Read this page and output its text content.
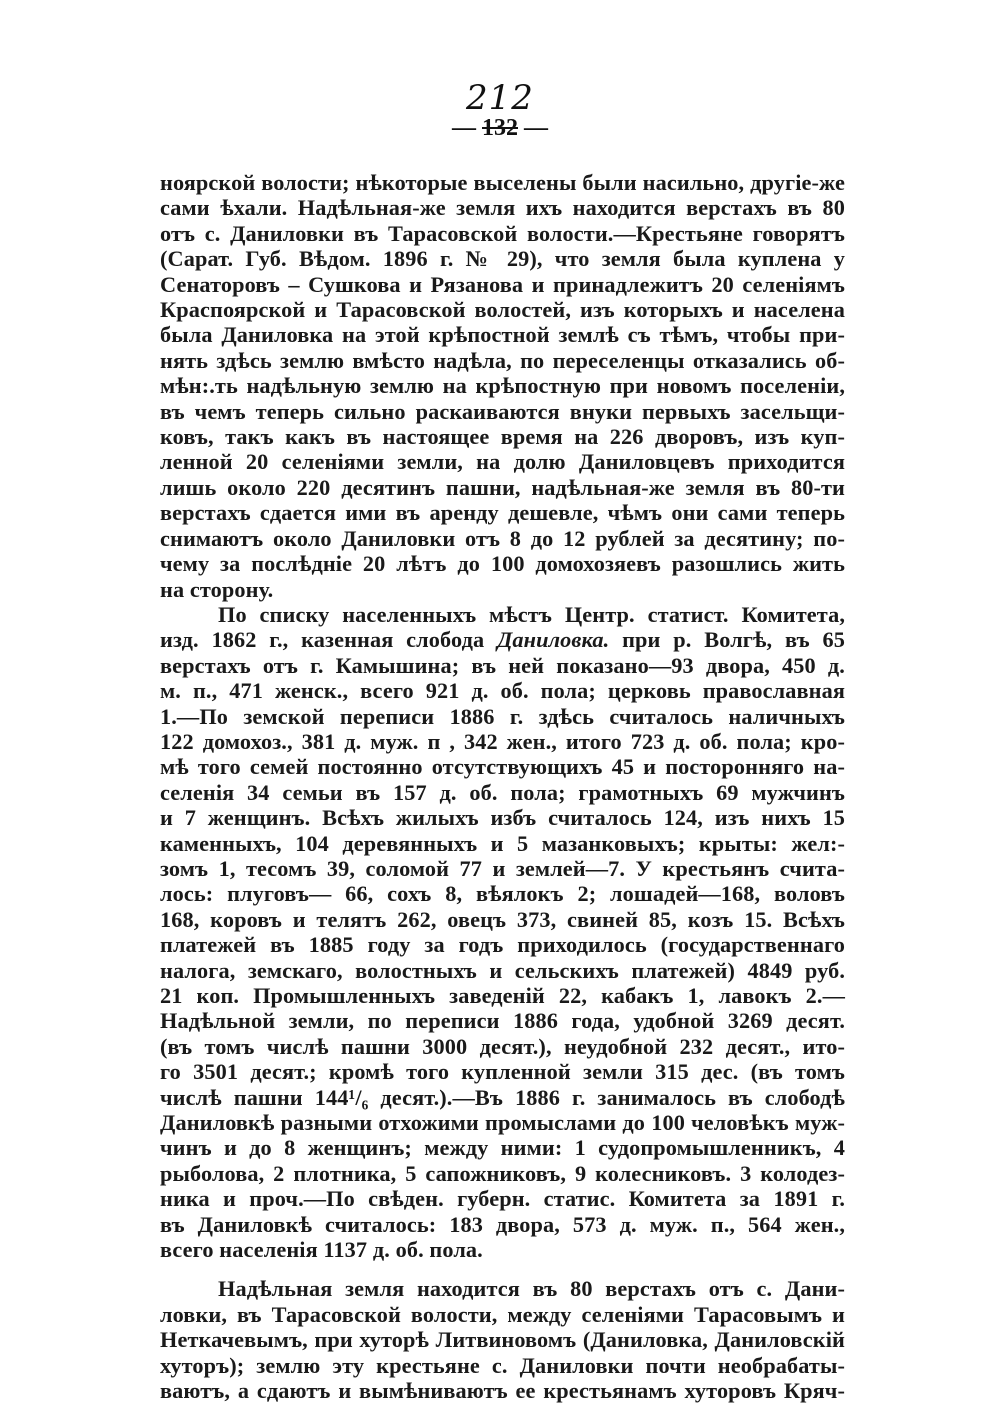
212
— 132 —
ноярской волости; нѣкоторые выселены были насильно, другіе-же
сами ѣхали. Надѣльная-же земля ихъ находится верстахъ въ 80
отъ с. Даниловки въ Тарасовской волости.—Крестьяне говорятъ
(Сарат. Губ. Вѣдом. 1896 г. № 29), что земля была куплена у
Сенаторовъ – Сушкова и Рязанова и принадлежитъ 20 селеніямъ
Краспоярской и Тарасовской волостей, изъ которыхъ и населена
была Даниловка на этой крѣпостной землѣ съ тѣмъ, чтобы при-
нять здѣсь землю вмѣсто надѣла, по переселенцы отказались об-
мѣн:.ть надѣльную землю на крѣпостную при новомъ поселеніи,
въ чемъ теперь сильно раскаиваются внуки первыхъ засельщи-
ковъ, такъ какъ въ настоящее время на 226 дворовъ, изъ куп-
ленной 20 селеніями земли, на долю Даниловцевъ приходится
лишь около 220 десятинъ пашни, надѣльная-же земля въ 80-ти
верстахъ сдается ими въ аренду дешевле, чѣмъ они сами теперь
снимаютъ около Даниловки отъ 8 до 12 рублей за десятину; по-
чему за послѣдніе 20 лѣтъ до 100 домохозяевъ разошлись жить
на сторону.
По списку населенныхъ мѣстъ Центр. статист. Комитета,
изд. 1862 г., казенная слобода Даниловка. при р. Волгѣ, въ 65
верстахъ отъ г. Камышина; въ ней показано—93 двора, 450 д.
м. п., 471 женск., всего 921 д. об. пола; церковь православная
1.—По земской переписи 1886 г. здѣсь считалось наличныхъ
122 домохоз., 381 д. муж. п , 342 жен., итого 723 д. об. пола; кро-
мѣ того семей постоянно отсутствующихъ 45 и посторонняго на-
селенія 34 семьи въ 157 д. об. пола; грамотныхъ 69 мужчинъ
и 7 женщинъ. Всѣхъ жилыхъ избъ считалось 124, изъ нихъ 15
каменныхъ, 104 деревянныхъ и 5 мазанковыхъ; крыты: жел:-
зомъ 1, тесомъ 39, соломой 77 и землей—7. У крестьянъ счита-
лось: плуговъ— 66, сохъ 8, вѣялокъ 2; лошадей—168, воловъ
168, коровъ и телятъ 262, овецъ 373, свиней 85, козъ 15. Всѣхъ
платежей въ 1885 году за годъ приходилось (государственнаго
налога, земскаго, волостныхъ и сельскихъ платежей) 4849 руб.
21 коп. Промышленныхъ заведеній 22, кабакъ 1, лавокъ 2.—
Надѣльной земли, по переписи 1886 года, удобной 3269 десят.
(въ томъ числѣ пашни 3000 десят.), неудобной 232 десят., ито-
го 3501 десят.; кромѣ того купленной земли 315 дес. (въ томъ
числѣ пашни 144¹/₆ десят.).—Въ 1886 г. занималось въ слободѣ
Даниловкѣ разными отхожими промыслами до 100 человѣкъ муж-
чинъ и до 8 женщинъ; между ними: 1 судопромышленникъ, 4
рыболова, 2 плотника, 5 сапожниковъ, 9 колесниковъ. 3 колодез-
ника и проч.—По свѣден. губерн. статис. Комитета за 1891 г.
въ Даниловкѣ считалось: 183 двора, 573 д. муж. п., 564 жен.,
всего населенія 1137 д. об. пола.
Надѣльная земля находится въ 80 верстахъ отъ с. Дани-
ловки, въ Тарасовской волости, между селеніями Тарасовымъ и
Неткачевымъ, при хуторѣ Литвиновомъ (Даниловка, Даниловскій
хуторъ); землю эту крестьяне с. Даниловки почти необрабаты-
ваютъ, а сдаютъ и вымѣниваютъ ее крестьянамъ хуторовъ Кряч-
